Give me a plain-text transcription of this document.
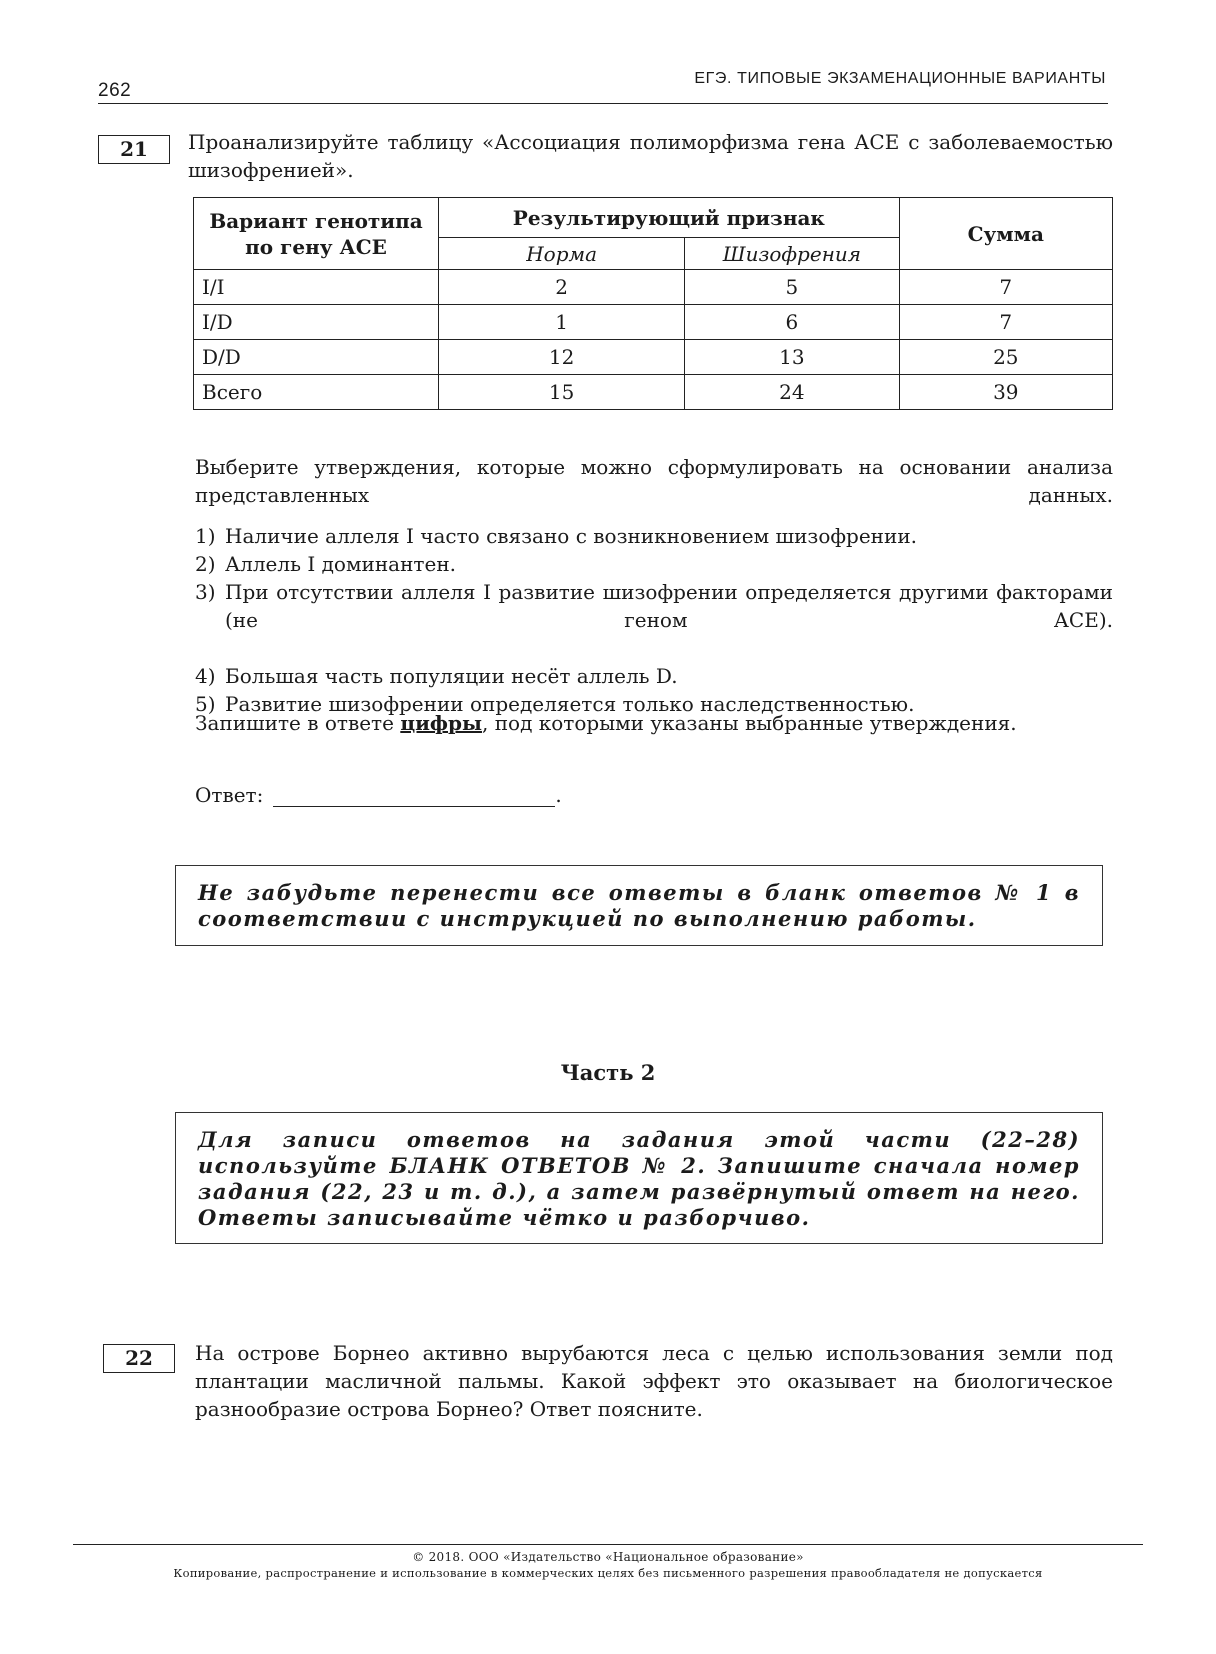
262
ЕГЭ. ТИПОВЫЕ ЭКЗАМЕНАЦИОННЫЕ ВАРИАНТЫ
21	Проанализируйте таблицу «Ассоциация полиморфизма гена АСЕ с заболеваемостью шизофренией».
Вариант генотипа по гену АСЕ	Результирующий признак		Сумма
	Норма	Шизофрения	
I/I	2	5	7
I/D	1	6	7
D/D	12	13	25
Всего	15	24	39
Выберите утверждения, которые можно сформулировать на основании анализа представленных данных.
1) Наличие аллеля I часто связано с возникновением шизофрении.
2) Аллель I доминантен.
3) При отсутствии аллеля I развитие шизофрении определяется другими факторами (не геном АСЕ).
4) Большая часть популяции несёт аллель D.
5) Развитие шизофрении определяется только наследственностью.
Запишите в ответе цифры, под которыми указаны выбранные утверждения.
Ответ:	.
Не забудьте перенести все ответы в бланк ответов № 1 в соответствии с инструкцией по выполнению работы.
Часть 2
Для записи ответов на задания этой части (22–28) используйте БЛАНК ОТВЕТОВ № 2. Запишите сначала номер задания (22, 23 и т. д.), а затем развёрнутый ответ на него. Ответы записывайте чётко и разборчиво.
22	На острове Борнео активно вырубаются леса с целью использования земли под плантации масличной пальмы. Какой эффект это оказывает на биологическое разнообразие острова Борнео? Ответ поясните.
© 2018. ООО «Издательство «Национальное образование»
Копирование, распространение и использование в коммерческих целях без письменного разрешения правообладателя не допускается
